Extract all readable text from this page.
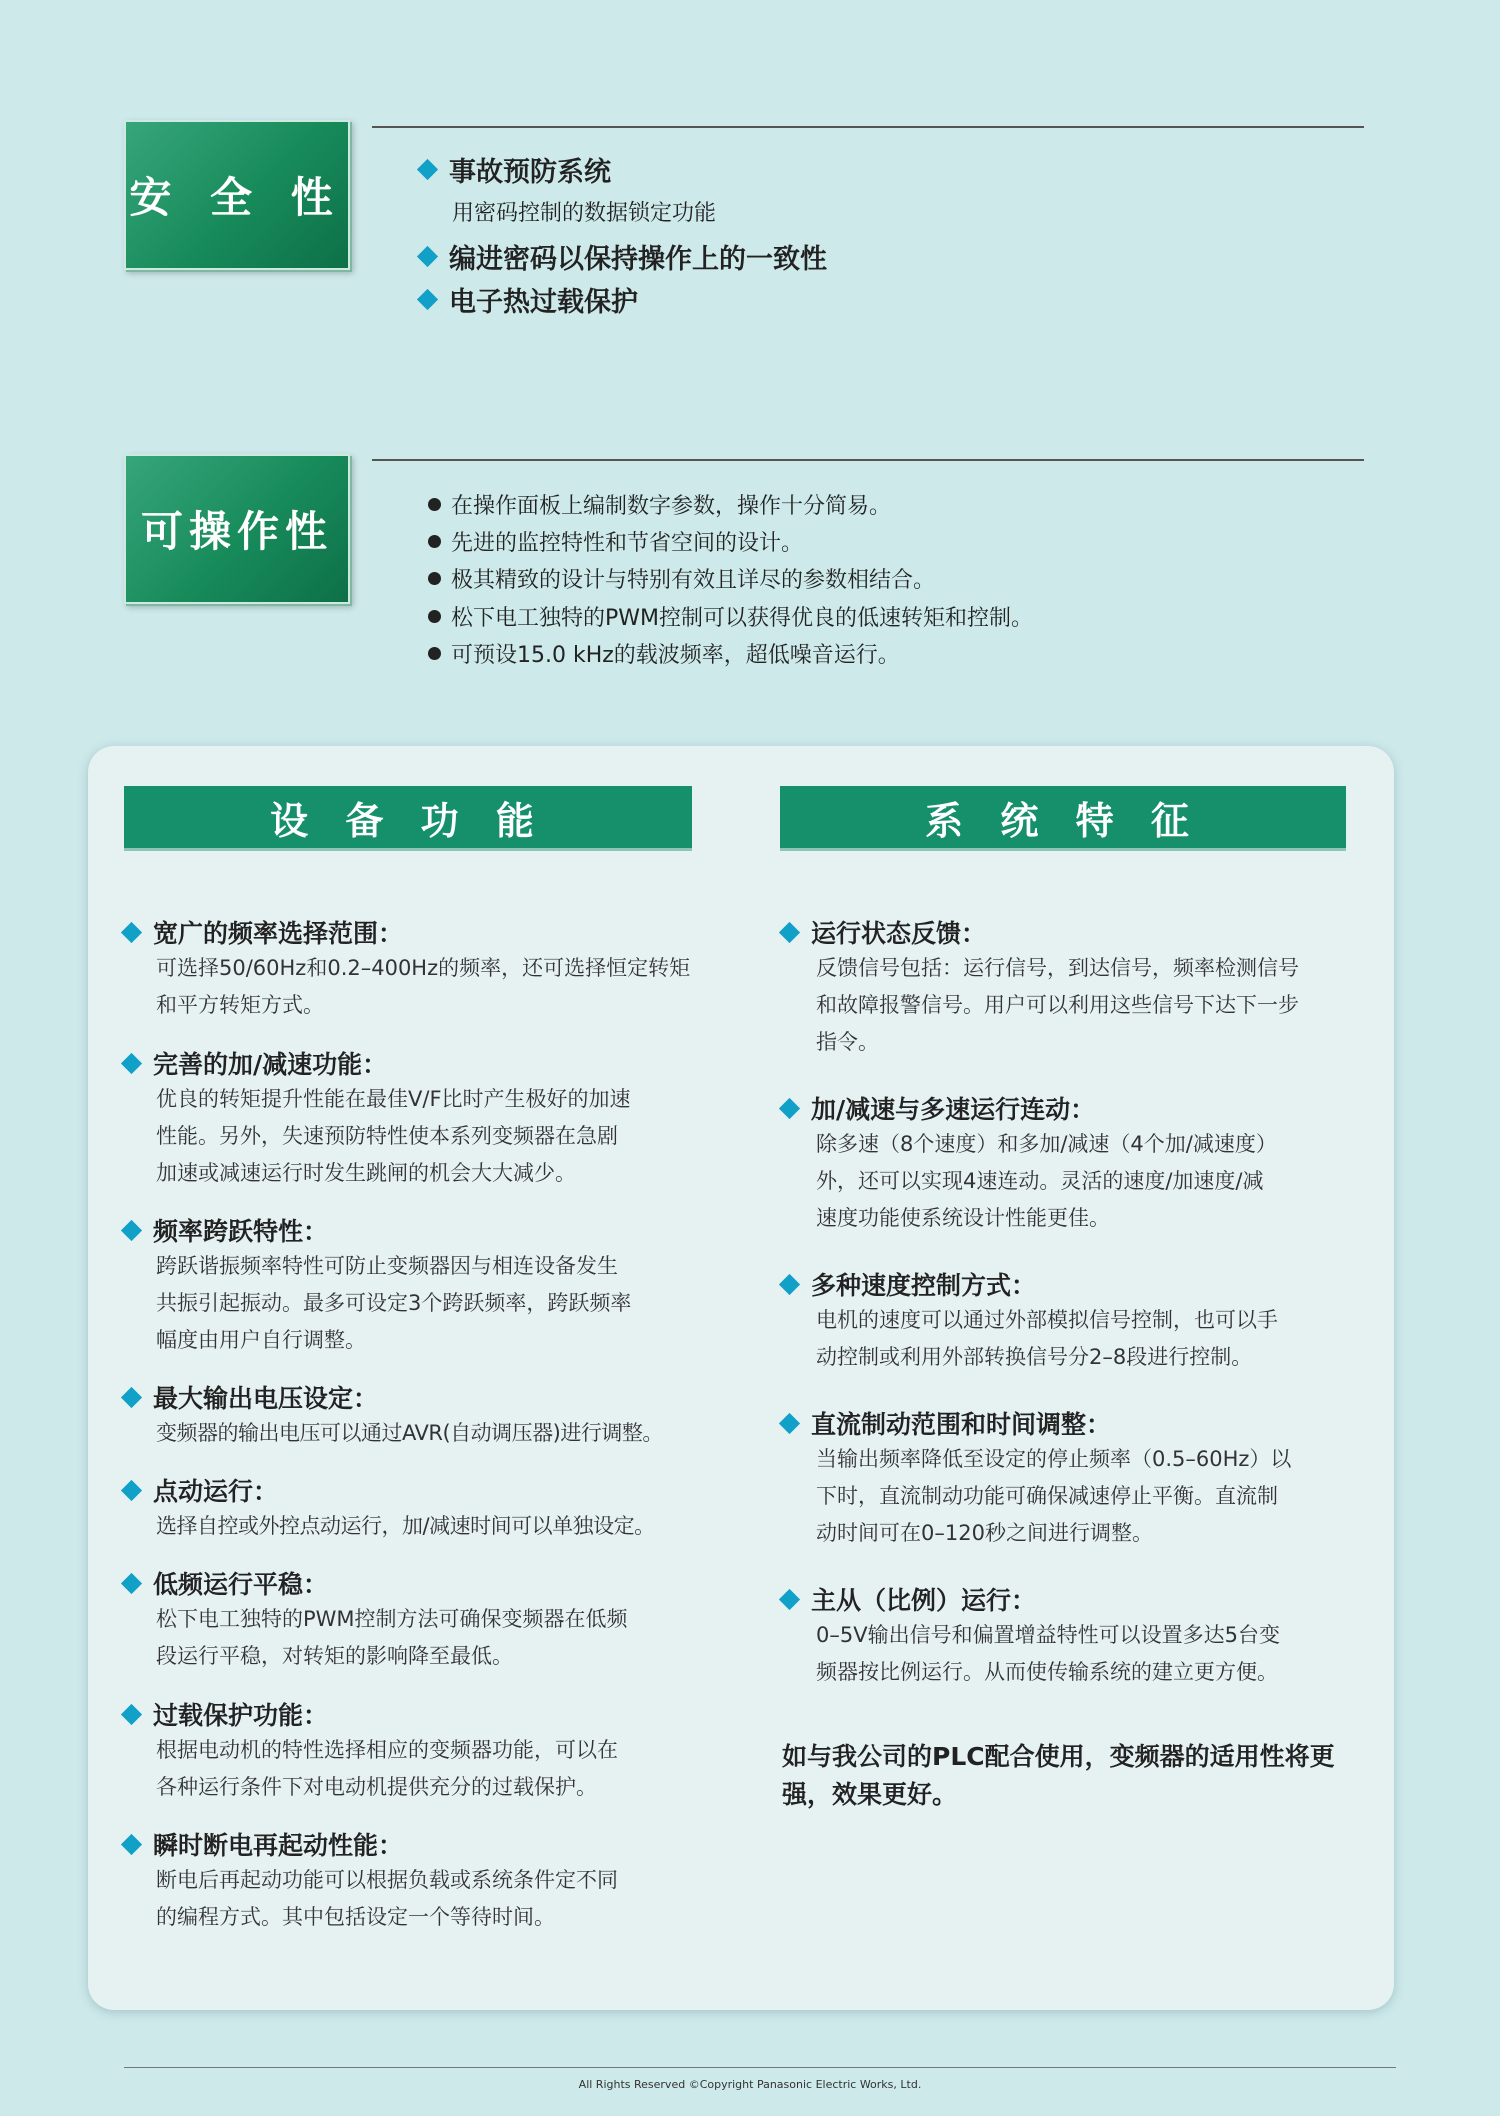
安 全 性
事故预防系统
用密码控制的数据锁定功能
编进密码以保持操作上的一致性
电子热过载保护
可操作性
在操作面板上编制数字参数，操作十分简易。
先进的监控特性和节省空间的设计。
极其精致的设计与特别有效且详尽的参数相结合。
松下电工独特的PWM控制可以获得优良的低速转矩和控制。
可预设15.0 kHz的载波频率，超低噪音运行。
设 备 功 能	系 统 特 征
宽广的频率选择范围：
可选择50/60Hz和0.2–400Hz的频率，还可选择恒定转矩
和平方转矩方式。
完善的加/减速功能：
优良的转矩提升性能在最佳V/F比时产生极好的加速
性能。另外，失速预防特性使本系列变频器在急剧
加速或减速运行时发生跳闸的机会大大减少。
频率跨跃特性：
跨跃谐振频率特性可防止变频器因与相连设备发生
共振引起振动。最多可设定3个跨跃频率，跨跃频率
幅度由用户自行调整。
最大输出电压设定：
变频器的输出电压可以通过AVR(自动调压器)进行调整。
点动运行：
选择自控或外控点动运行，加/减速时间可以单独设定。
低频运行平稳：
松下电工独特的PWM控制方法可确保变频器在低频
段运行平稳，对转矩的影响降至最低。
过载保护功能：
根据电动机的特性选择相应的变频器功能，可以在
各种运行条件下对电动机提供充分的过载保护。
瞬时断电再起动性能：
断电后再起动功能可以根据负载或系统条件定不同
的编程方式。其中包括设定一个等待时间。
运行状态反馈：
反馈信号包括：运行信号，到达信号，频率检测信号
和故障报警信号。用户可以利用这些信号下达下一步
指令。
加/减速与多速运行连动：
除多速（8个速度）和多加/减速（4个加/减速度）
外，还可以实现4速连动。灵活的速度/加速度/减
速度功能使系统设计性能更佳。
多种速度控制方式：
电机的速度可以通过外部模拟信号控制，也可以手
动控制或利用外部转换信号分2–8段进行控制。
直流制动范围和时间调整：
当输出频率降低至设定的停止频率（0.5–60Hz）以
下时，直流制动功能可确保减速停止平衡。直流制
动时间可在0–120秒之间进行调整。
主从（比例）运行：
0–5V输出信号和偏置增益特性可以设置多达5台变
频器按比例运行。从而使传输系统的建立更方便。
如与我公司的PLC配合使用，变频器的适用性将更强，效果更好。
All Rights Reserved ©Copyright Panasonic Electric Works, Ltd.
